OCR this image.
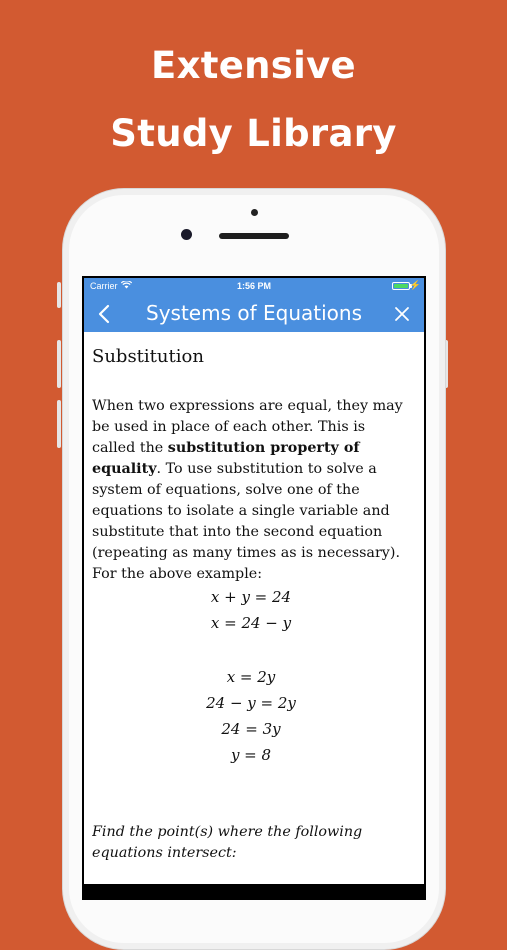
Extensive
Study Library
Carrier	1:56 PM	⚡
Systems of Equations
Substitution
When two expressions are equal, they may be used in place of each other. This is called the substitution property of equality. To use substitution to solve a system of equations, solve one of the equations to isolate a single variable and substitute that into the second equation (repeating as many times as is necessary). For the above example:
x + y = 24
x = 24 − y
x = 2y
24 − y = 2y
24 = 3y
y = 8
Find the point(s) where the following equations intersect:
